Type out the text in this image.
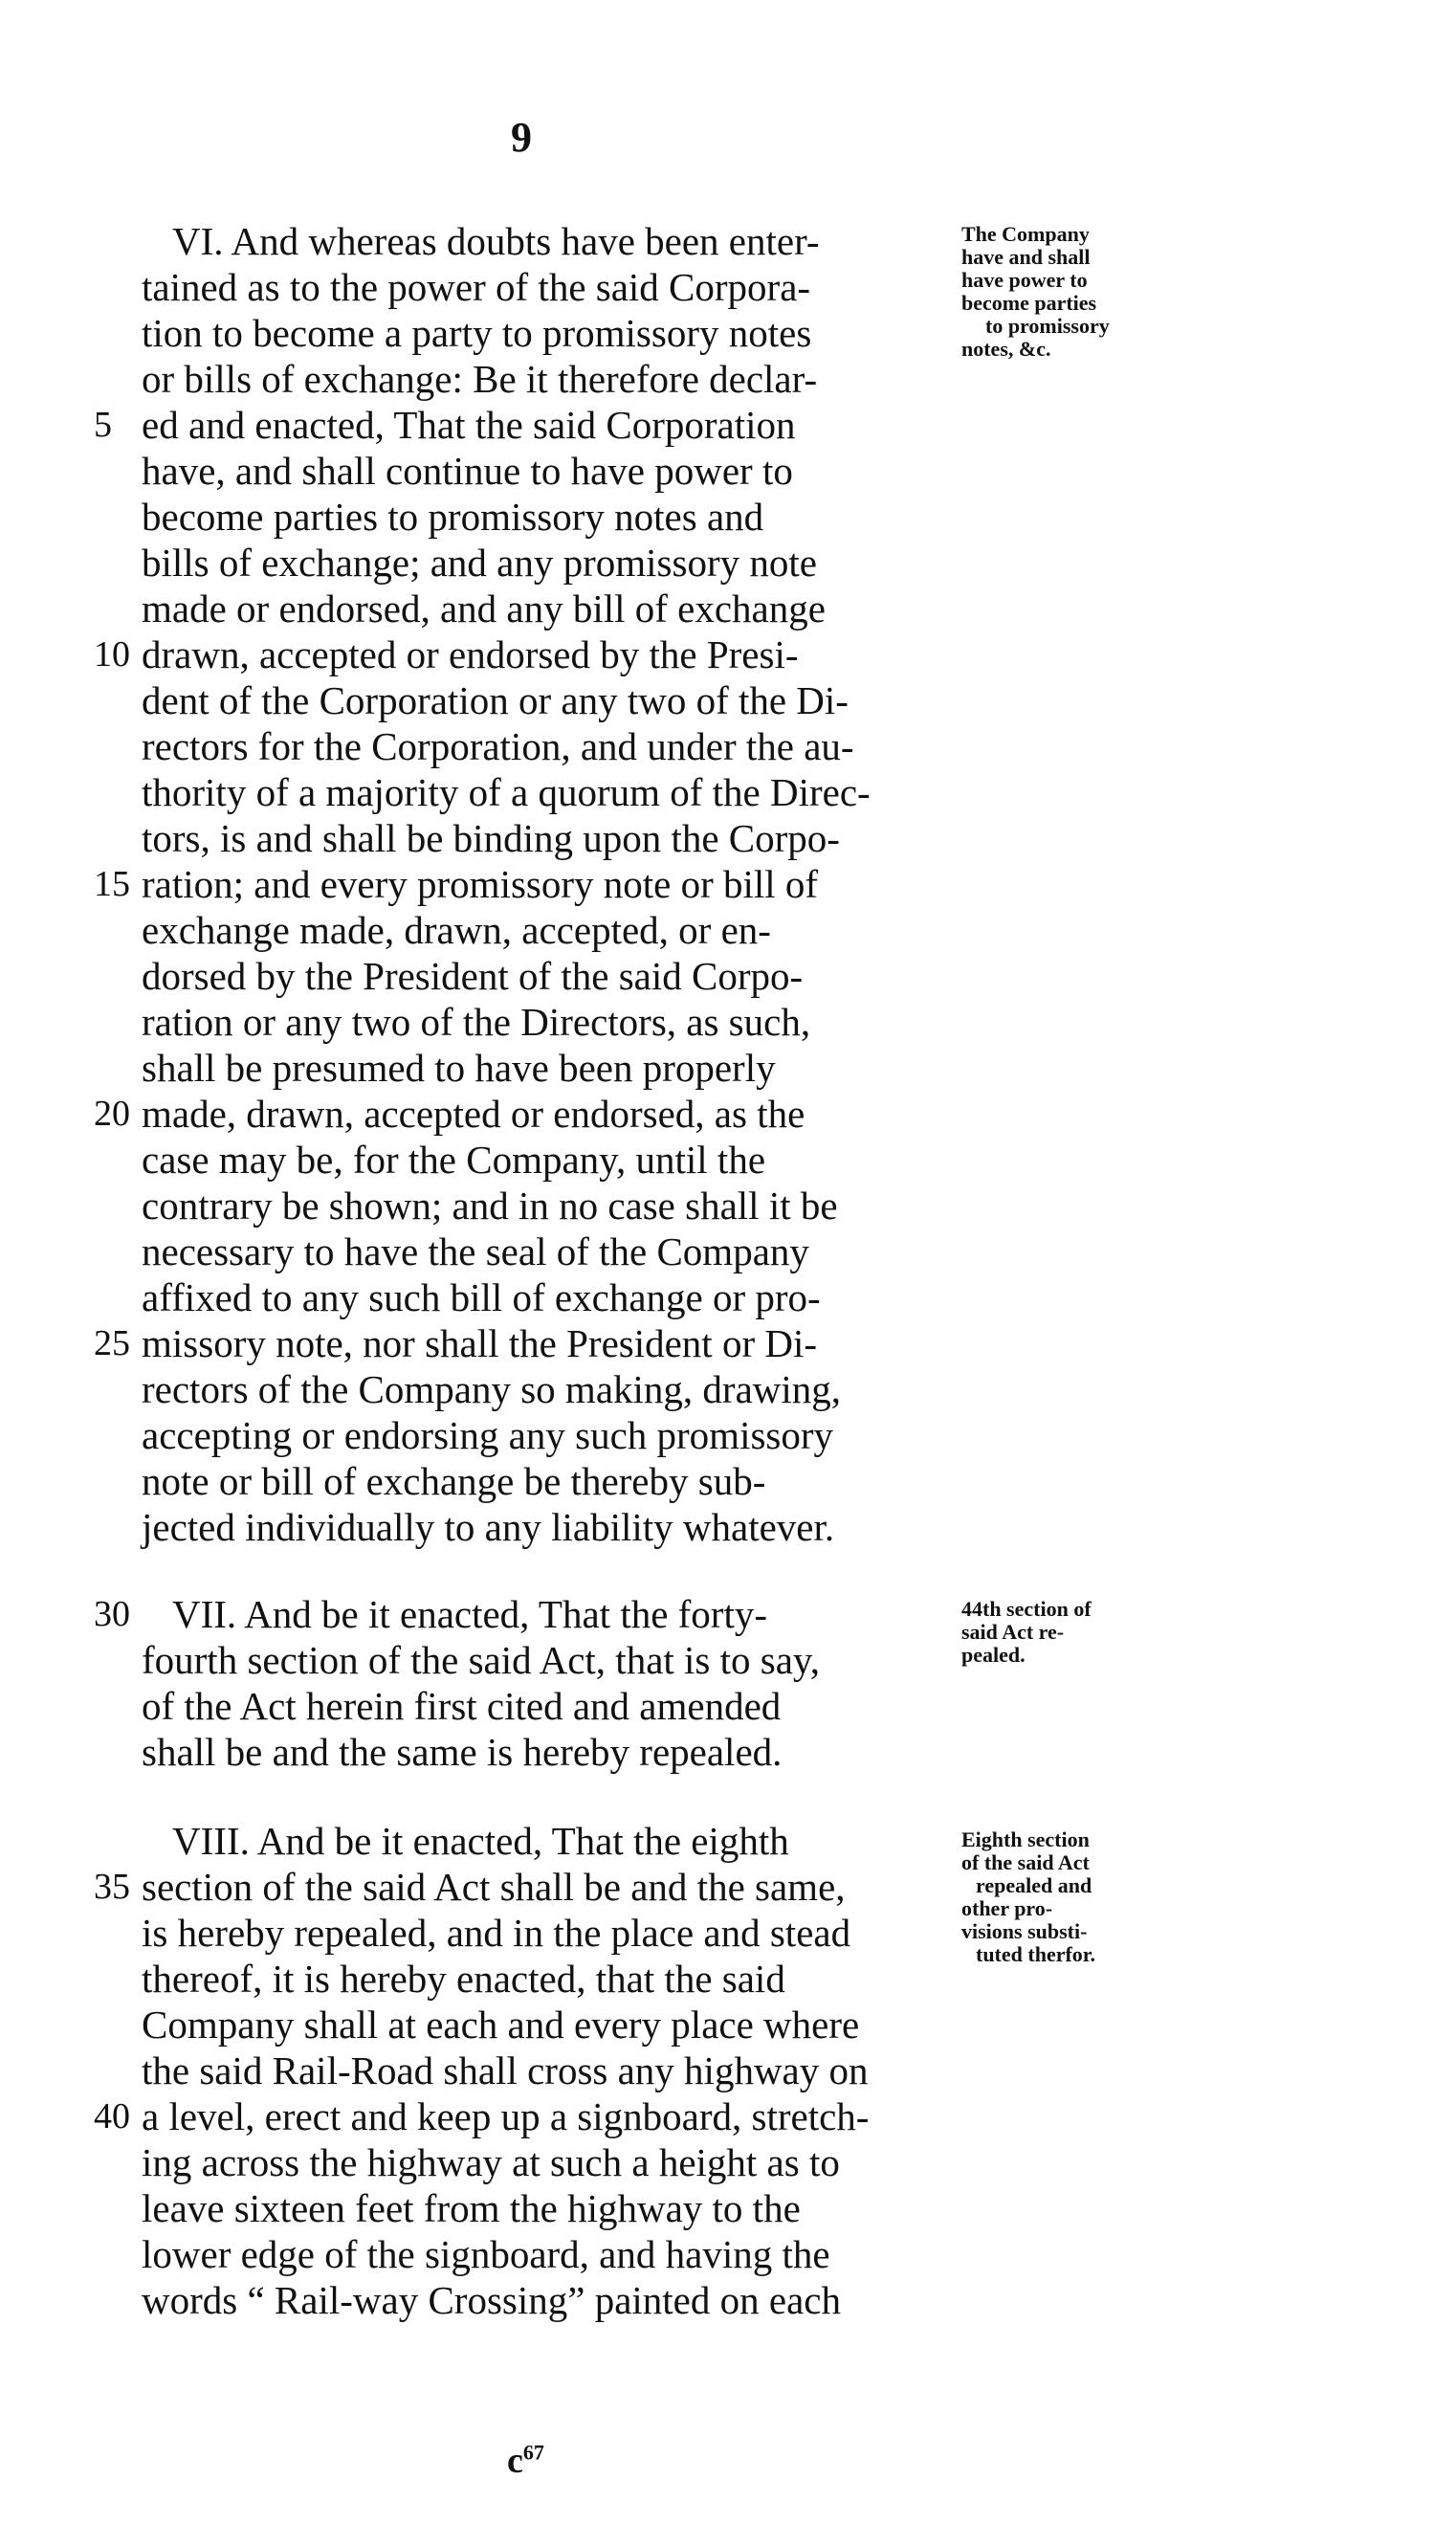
9
VI. And whereas doubts have been enter-
tained as to the power of the said Corpora-
tion to become a party to promissory notes
or bills of exchange: Be it therefore declar-
ed and enacted, That the said Corporation
have, and shall continue to have power to
become parties to promissory notes and
bills of exchange; and any promissory note
made or endorsed, and any bill of exchange
drawn, accepted or endorsed by the Presi-
dent of the Corporation or any two of the Di-
rectors for the Corporation, and under the au-
thority of a majority of a quorum of the Direc-
tors, is and shall be binding upon the Corpo-
ration; and every promissory note or bill of
exchange made, drawn, accepted, or en-
dorsed by the President of the said Corpo-
ration or any two of the Directors, as such,
shall be presumed to have been properly
made, drawn, accepted or endorsed, as the
case may be, for the Company, until the
contrary be shown; and in no case shall it be
necessary to have the seal of the Company
affixed to any such bill of exchange or pro-
missory note, nor shall the President or Di-
rectors of the Company so making, drawing,
accepting or endorsing any such promissory
note or bill of exchange be thereby sub-
jected individually to any liability whatever.
5
10
15
20
25
The Company
have and shall
have power to
become parties
to promissory
notes, &c.
VII. And be it enacted, That the forty-
fourth section of the said Act, that is to say,
of the Act herein first cited and amended
shall be and the same is hereby repealed.
30	44th section of
said Act re-
pealed.
VIII. And be it enacted, That the eighth
section of the said Act shall be and the same,
is hereby repealed, and in the place and stead
thereof, it is hereby enacted, that the said
Company shall at each and every place where
the said Rail-Road shall cross any highway on
a level, erect and keep up a signboard, stretch-
ing across the highway at such a height as to
leave sixteen feet from the highway to the
lower edge of the signboard, and having the
words “ Rail-way Crossing” painted on each
35
40
Eighth section
of the said Act
repealed and
other pro-
visions substi-
tuted therfor.
$c^{67}$
